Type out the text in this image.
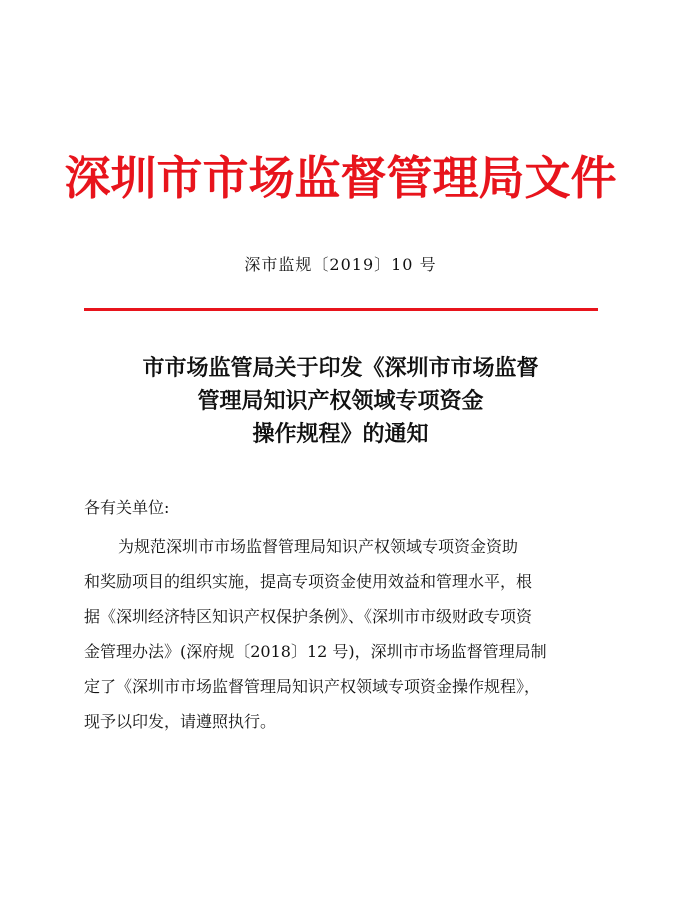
深圳市市场监督管理局文件
深市监规〔2019〕10 号
市市场监管局关于印发《深圳市市场监督
管理局知识产权领域专项资金
操作规程》的通知
各有关单位:
为规范深圳市市场监督管理局知识产权领域专项资金资助
和奖励项目的组织实施，提高专项资金使用效益和管理水平，根
据《深圳经济特区知识产权保护条例》、《深圳市市级财政专项资
金管理办法》(深府规〔2018〕12 号)，深圳市市场监督管理局制
定了《深圳市市场监督管理局知识产权领域专项资金操作规程》，
现予以印发，请遵照执行。
